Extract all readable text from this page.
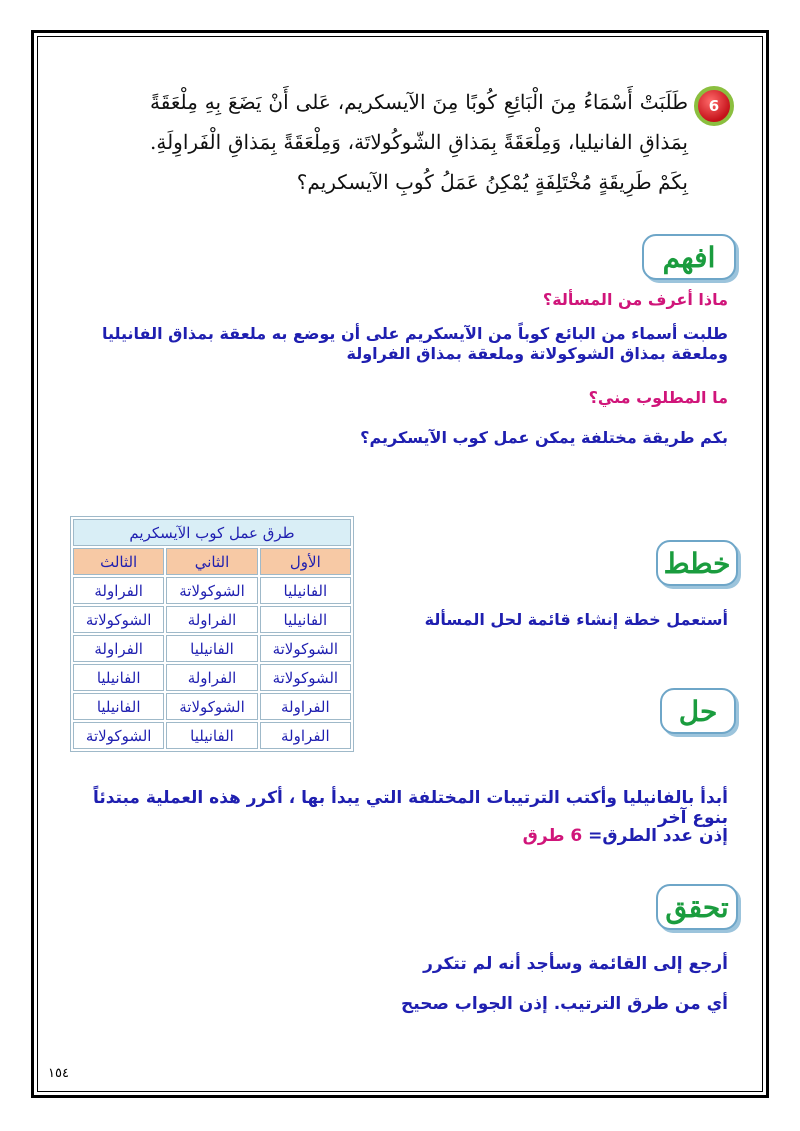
6
طَلَبَتْ أَسْمَاءُ مِنَ الْبَائِعِ كُوبًا مِنَ الآيسكريم، عَلى أَنْ يَضَعَ بِهِ مِلْعَقَةً بِمَذاقِ الفانيليا، وَمِلْعَقَةً بِمَذاقِ الشّوكُولاتَة، وَمِلْعَقَةً بِمَذاقِ الْفَراوِلَةِ. بِكَمْ طَرِيقَةٍ مُخْتَلِفَةٍ يُمْكِنُ عَمَلُ كُوبِ الآيسكريم؟
افهم
ماذا أعرف من المسألة؟
طلبت أسماء من البائع كوباً من الآيسكريم على أن يوضع به ملعقة بمذاق الفانيليا وملعقة بمذاق الشوكولاتة وملعقة بمذاق الفراولة
ما المطلوب مني؟
بكم طريقة مختلفة يمكن عمل كوب الآيسكريم؟
طرق عمل كوب الآيسكريم		
الأول	الثاني	الثالث
الفانيليا	الشوكولاتة	الفراولة
الفانيليا	الفراولة	الشوكولاتة
الشوكولاتة	الفانيليا	الفراولة
الشوكولاتة	الفراولة	الفانيليا
الفراولة	الشوكولاتة	الفانيليا
الفراولة	الفانيليا	الشوكولاتة
خطط
أستعمل خطة إنشاء قائمة لحل المسألة
حل
أبدأ بالفانيليا وأكتب الترتيبات المختلفة التي يبدأ بها ، أكرر هذه العملية مبتدئاً بنوع آخر
إذن عدد الطرق= 6 طرق
تحقق
أرجع إلى القائمة وسأجد أنه لم تتكرر
أي من طرق الترتيب. إذن الجواب صحيح
١٥٤
